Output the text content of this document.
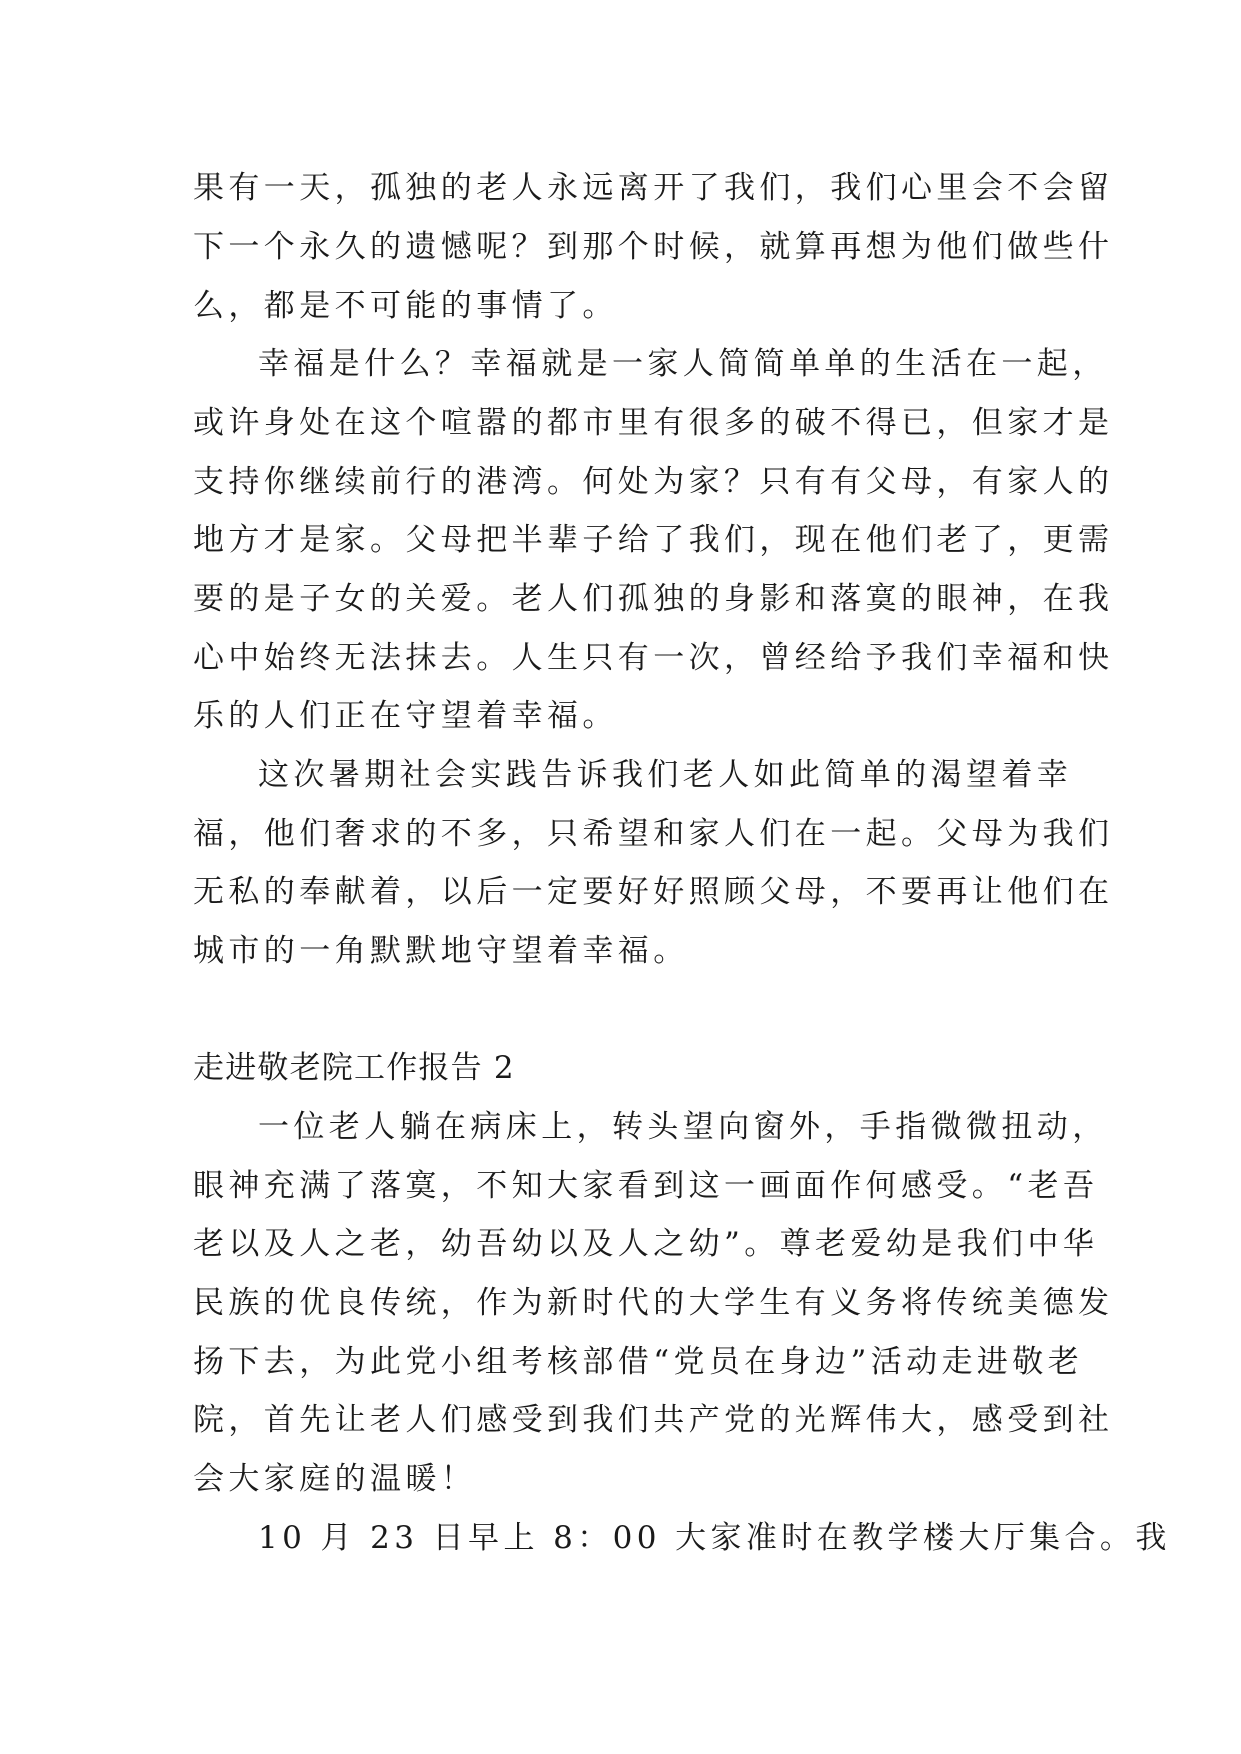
果有一天，孤独的老人永远离开了我们，我们心里会不会留
下一个永久的遗憾呢？到那个时候，就算再想为他们做些什
么，都是不可能的事情了。
幸福是什么？幸福就是一家人简简单单的生活在一起，
或许身处在这个喧嚣的都市里有很多的破不得已，但家才是
支持你继续前行的港湾。何处为家？只有有父母，有家人的
地方才是家。父母把半辈子给了我们，现在他们老了，更需
要的是子女的关爱。老人们孤独的身影和落寞的眼神，在我
心中始终无法抹去。人生只有一次，曾经给予我们幸福和快
乐的人们正在守望着幸福。
这次暑期社会实践告诉我们老人如此简单的渴望着幸
福，他们奢求的不多，只希望和家人们在一起。父母为我们
无私的奉献着，以后一定要好好照顾父母，不要再让他们在
城市的一角默默地守望着幸福。
走进敬老院工作报告 2
一位老人躺在病床上，转头望向窗外，手指微微扭动，
眼神充满了落寞，不知大家看到这一画面作何感受。“老吾
老以及人之老，幼吾幼以及人之幼”。尊老爱幼是我们中华
民族的优良传统，作为新时代的大学生有义务将传统美德发
扬下去，为此党小组考核部借“党员在身边”活动走进敬老
院，首先让老人们感受到我们共产党的光辉伟大，感受到社
会大家庭的温暖！
10 月 23 日早上 8：00 大家准时在教学楼大厅集合。我
